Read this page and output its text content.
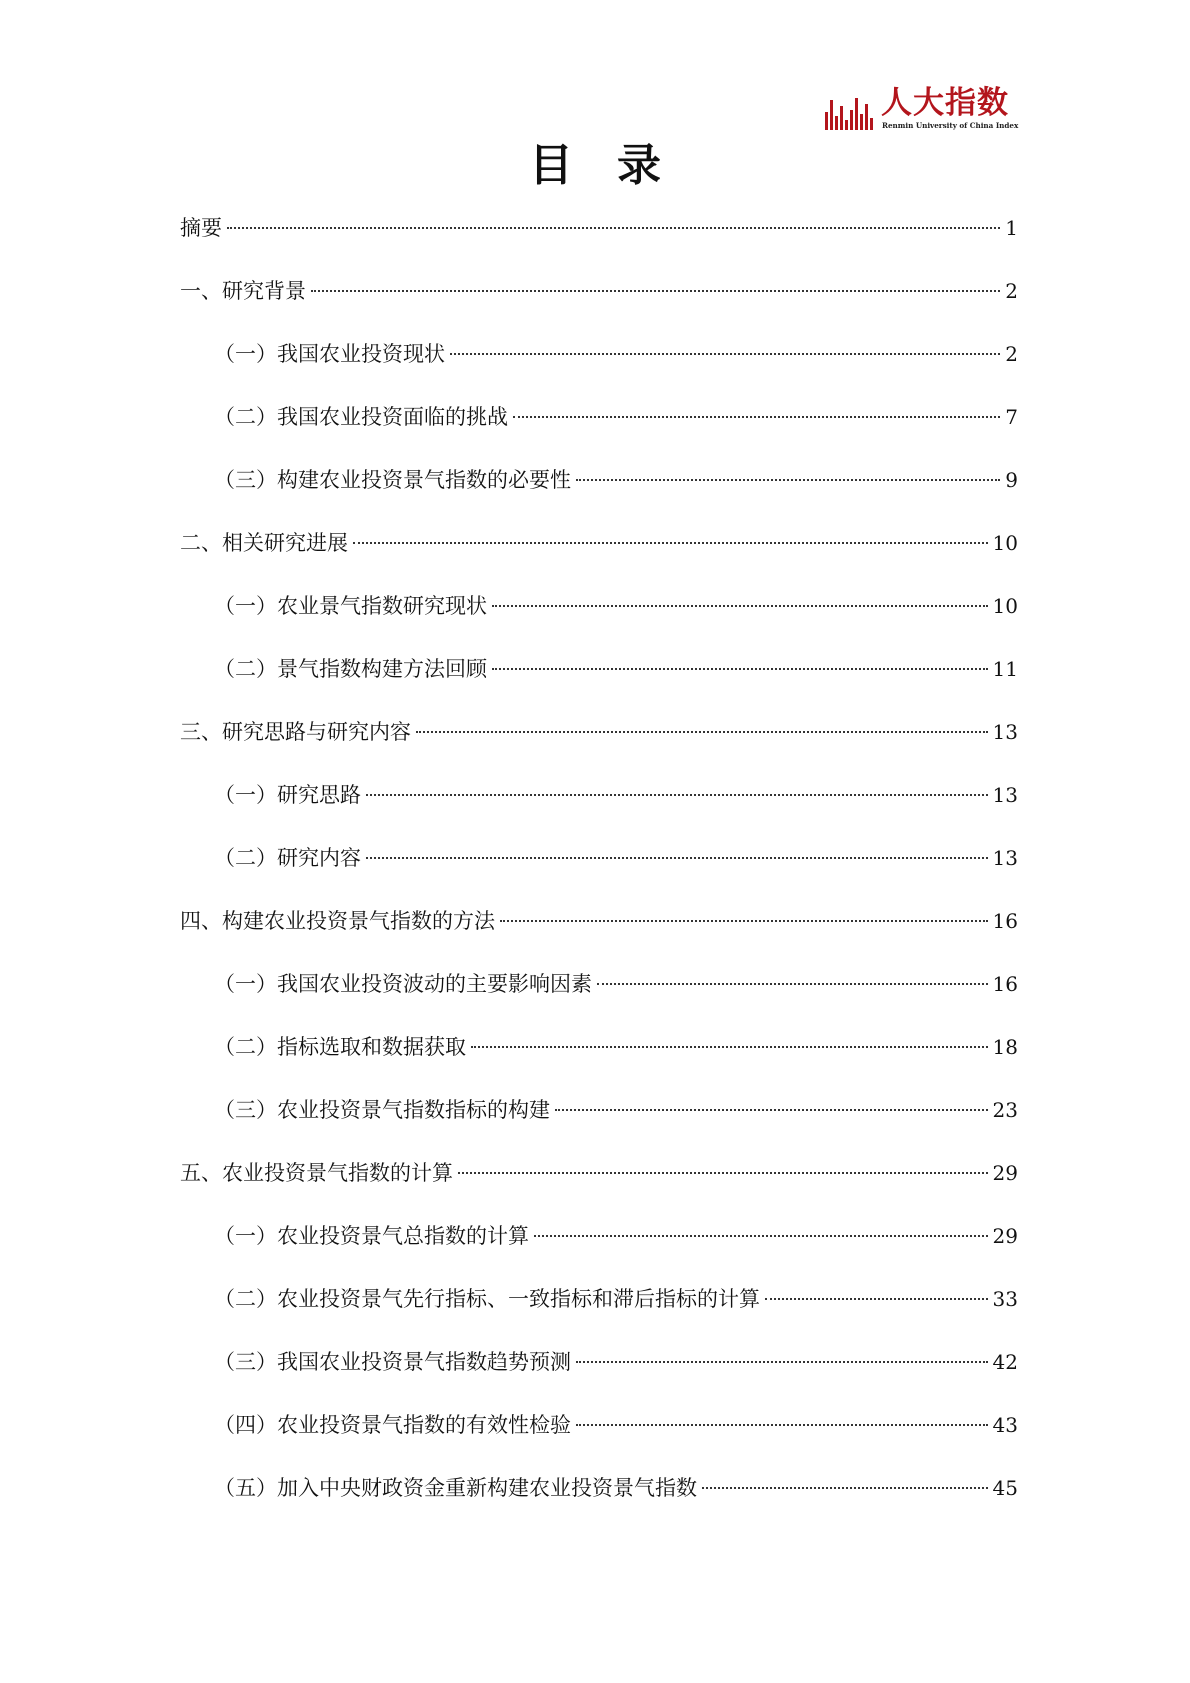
人大指数
Renmin University of China Index
目　录
摘要	1
一、研究背景	2
（一）我国农业投资现状	2
（二）我国农业投资面临的挑战	7
（三）构建农业投资景气指数的必要性	9
二、相关研究进展	10
（一）农业景气指数研究现状	10
（二）景气指数构建方法回顾	11
三、研究思路与研究内容	13
（一）研究思路	13
（二）研究内容	13
四、构建农业投资景气指数的方法	16
（一）我国农业投资波动的主要影响因素	16
（二）指标选取和数据获取	18
（三）农业投资景气指数指标的构建	23
五、农业投资景气指数的计算	29
（一）农业投资景气总指数的计算	29
（二）农业投资景气先行指标、一致指标和滞后指标的计算	33
（三）我国农业投资景气指数趋势预测	42
（四）农业投资景气指数的有效性检验	43
（五）加入中央财政资金重新构建农业投资景气指数	45
